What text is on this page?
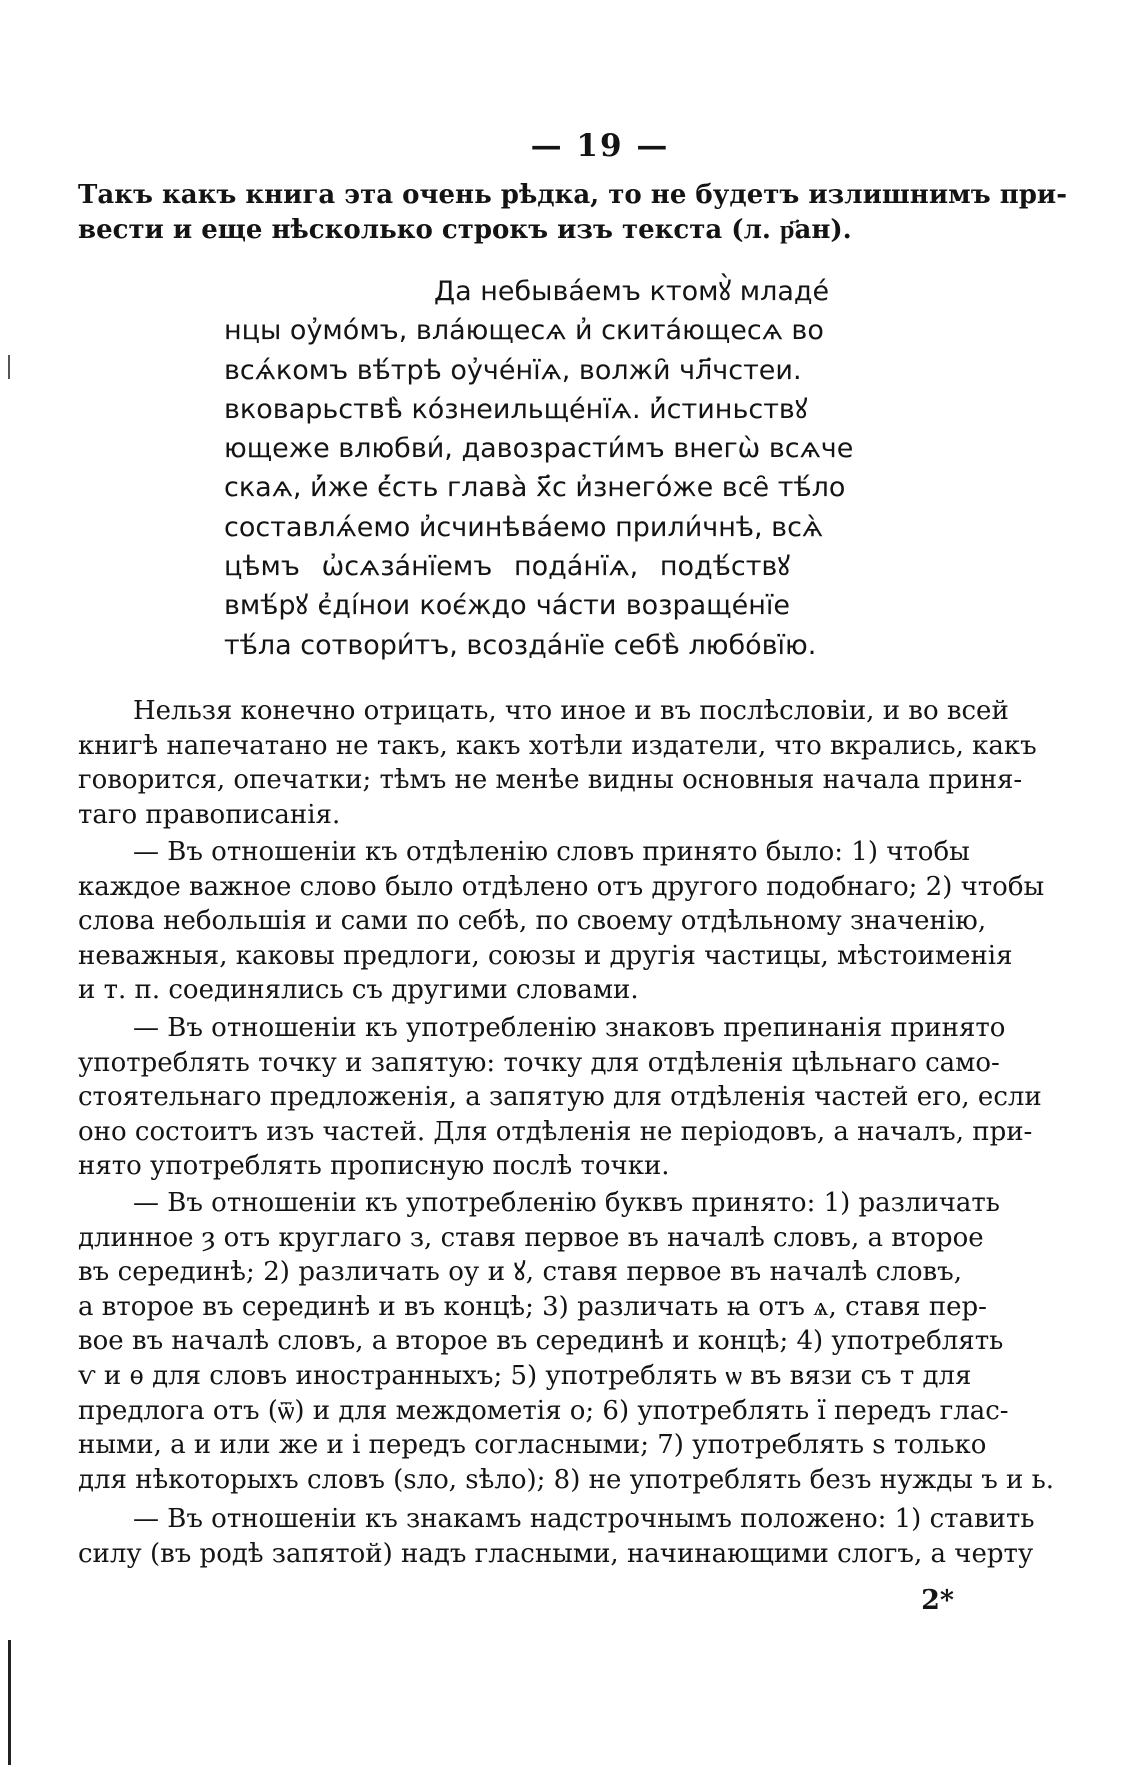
— 19 —
Такъ какъ книга эта очень рѣдка, то не будетъ излишнимъ при-
вести и еще нѣсколько строкъ изъ текста (л. р҃ан).
Да небыва́емъ ктомꙋ̀ младе́
нцы оу҆мо́мъ, вла́ющесѧ и҆ скита́ющесѧ во
всѧ́комъ вѣ́трѣ оу҆че́нїѧ, волжи̑ чл҃чстеи.
вковарьствѣ̀ ко́знеильще́нїѧ. и҆́стиньствꙋ
ющеже влюбви́, давозрасти́мъ внегѡ̀ всѧче
скаѧ, и҆́же є҆́сть глава̀ х҃с и҆знего́же все̑ тѣ́ло
составлѧ́емо и҆счинѣва́емо прили́чнѣ, всѧ̀
цѣмъ ѡ҆сѧза́нїемъ пода́нїѧ, подѣ́ствꙋ
вмѣ́рꙋ є҆ді́нои коє́ждо ча́сти возраще́нїе
тѣ́ла сотвори́тъ, всозда́нїе себѣ̀ любо́вїю.
Нельзя конечно отрицать, что иное и въ послѣсловіи, и во всей
книгѣ напечатано не такъ, какъ хотѣли издатели, что вкрались, какъ
говорится, опечатки; тѣмъ не менѣе видны основныя начала приня-
таго правописанія.
— Въ отношеніи къ отдѣленію словъ принято было: 1) чтобы
каждое важное слово было отдѣлено отъ другого подобнаго; 2) чтобы
слова небольшія и сами по себѣ, по своему отдѣльному значенію,
неважныя, каковы предлоги, союзы и другія частицы, мѣстоименія
и т. п. соединялись съ другими словами.
— Въ отношеніи къ употребленію знаковъ препинанія принято
употреблять точку и запятую: точку для отдѣленія цѣльнаго само-
стоятельнаго предложенія, а запятую для отдѣленія частей его, если
оно состоитъ изъ частей. Для отдѣленія не періодовъ, а началъ, при-
нято употреблять прописную послѣ точки.
— Въ отношеніи къ употребленію буквъ принято: 1) различать
длинное ȝ отъ круглаго з, ставя первое въ началѣ словъ, а второе
въ серединѣ; 2) различать оу и ꙋ, ставя первое въ началѣ словъ,
а второе въ серединѣ и въ концѣ; 3) различать ꙗ отъ ѧ, ставя пер-
вое въ началѣ словъ, а второе въ серединѣ и концѣ; 4) употреблять
ѵ и ѳ для словъ иностранныхъ; 5) употреблять ѡ въ вязи съ т для
предлога отъ (ѿ) и для междометія о; 6) употреблять ї передъ глас-
ными, а и или же и і передъ согласными; 7) употреблять ѕ только
для нѣкоторыхъ словъ (ѕло, ѕѣло); 8) не употреблять безъ нужды ъ и ь.
— Въ отношеніи къ знакамъ надстрочнымъ положено: 1) ставить
силу (въ родѣ запятой) надъ гласными, начинающими слогъ, а черту
2*
